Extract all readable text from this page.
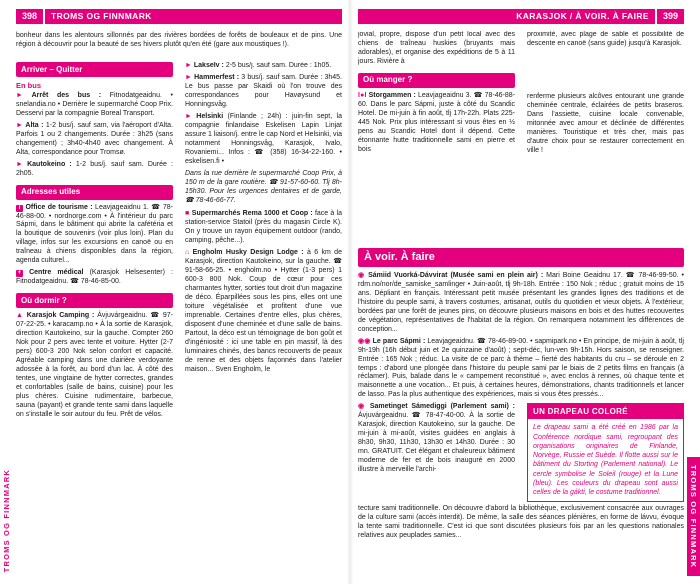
398	TROMS OG FINNMARK	KARASJOK / À VOIR. À FAIRE	399
TROMS OG FINNMARK	TROMS OG FINNMARK

bonheur dans les alentours sillonnés par des rivières bordées de forêts de bouleaux et de pins. Une région à découvrir pour la beauté de ses hivers plutôt qu'en été (gare aux moustiques !).

Arriver – Quitter
En bus

► Arrêt des bus : Fitnodatgeaidnu. • snelandia.no • Derrière le supermarché Coop Prix. Desservi par la compagnie Boreal Transport.

► Alta : 1-2 bus/j. sauf sam, via l'aéroport d'Alta. Parfois 1 ou 2 changements. Durée : 3h25 (sans changement) ; 3h40-4h40 avec changement. À Alta, correspondance pour Tromsø.

► Kautokeino : 1-2 bus/j. sauf sam. Durée : 2h05.

Adresses utiles

i Office de tourisme : Leavjageaidnu 1. ☎ 78-46-88-00. • nordnorge.com • À l'intérieur du parc Sápmi, dans le bâtiment qui abrite la cafétéria et la boutique de souvenirs (voir plus loin). Plan du village, infos sur les excursions en canoë ou en traîneau à chiens disponibles dans la région, agenda culturel...

+ Centre médical (Karasjok Helsesenter) : Fitnodatgeaidnu. ☎ 78-46-85-00.

Où dormir ?

▲ Karasjok Camping : Ávjuvárgeaidnu. ☎ 97-07-22-25. • karacamp.no • À la sortie de Karasjok, direction Kautokeino, sur la gauche. Compter 260 Nok pour 2 pers avec tente et voiture. Hytter (2-7 pers) 600-3 200 Nok selon confort et capacité. Agréable camping dans une clairière verdoyante adossée à la forêt, au bord d'un lac. À côté des tentes, une vingtaine de hytter correctes, grandes et confortables (salle de bains, cuisine) pour les plus chères. Cuisine rudimentaire, barbecue, sauna (payant) et grande tente sami dans laquelle on s'installe le soir autour du feu. Prêt de vélos.

► Lakselv : 2-5 bus/j. sauf sam. Durée : 1h05.

► Hammerfest : 3 bus/j. sauf sam. Durée : 3h45. Le bus passe par Skaidi où l'on trouve des correspondances pour Havøysund et Honningsvåg.

► Helsinki (Finlande ; 24h) : juin-fin sept, la compagnie finlandaise Eskelisen Lapin Linjat assure 1 liaison/j. entre le cap Nord et Helsinki, via notamment Honningsvåg, Karasjok, Ivalo, Rovaniemi... Infos : ☎ (358) 16-34-22-160. • eskelisen.fi •

Dans la rue derrière le supermarché Coop Prix, à 150 m de la gare routière. ☎ 91-57-60-60. Tlj 8h-15h30. Pour les urgences dentaires et de garde, ☎ 78-46-66-77.

■ Supermarchés Rema 1000 et Coop : face à la station-service Statoil (près du magasin Circle K). On y trouve un rayon équipement outdoor (rando, camping, pêche...).

⌂ Engholm Husky Design Lodge : à 6 km de Karasjok, direction Kautokeino, sur la gauche. ☎ 91-58-66-25. • engholm.no • Hytter (1-3 pers) 1 600-3 800 Nok. Coup de cœur pour ces charmantes hytter, sorties tout droit d'un magazine de déco. Éparpillées sous les pins, elles ont une toiture végétalisée et profitent d'une vue imprenable. Certaines d'entre elles, plus chères, disposent d'une cheminée et d'une salle de bains. Partout, la déco est un témoignage de bon goût et d'ingéniosité : ici une table en pin massif, là des luminaires chinés, des bancs recouverts de peaux de renne et des objets façonnés dans l'atelier maison... Sven Engholm, le

jovial, propre, dispose d'un petit local avec des chiens de traîneau huskies (bruyants mais adorables), et organise des expéditions de 5 à 11 jours. Rivière à

Où manger ?

I●I Storgammen : Leavjageaidnu 3. ☎ 78-46-88-60. Dans le parc Sápmi, juste à côté du Scandic Hotel. De mi-juin à fin août, tlj 17h-22h. Plats 225-445 Nok. Prix plus intéressant si vous êtes en ½ pens au Scandic Hotel dont il dépend. Cette étonnante hutte traditionnelle sami en pierre et bois

proximité, avec plage de sable et possibilité de descente en canoë (sans guide) jusqu'à Karasjok.

renferme plusieurs alcôves entourant une grande cheminée centrale, éclairées de petits braseros. Dans l'assiette, cuisine locale convenable, mitonnée avec amour et déclinée de différentes manières. Touristique et très cher, mais pas d'autre choix pour se restaurer correctement en ville !

À voir. À faire

◉ Sámiid Vuorká-Dávvirat (Musée sami en plein air) : Mari Boine Geaidnu 17. ☎ 78-46-99-50. • rdm.no/nor/de_samiske_samlinger • Juin-août, tlj 9h-18h. Entrée : 150 Nok ; réduc ; gratuit moins de 15 ans. Dépliant en français. Intéressant petit musée présentant les grandes lignes des traditions et de l'histoire du peuple sami, à travers costumes, artisanat, outils du quotidien et vieux objets. À l'extérieur, bordées par une forêt de jeunes pins, on découvre plusieurs maisons en bois et des huttes recouvertes de végétation, représentatives de l'habitat de la région. On remarquera notamment les différences de conception...

◉◉ Le parc Sápmi : Leavjageaidnu. ☎ 78-46-89-00. • sapmipark.no • En principe, de mi-juin à août, tlj 9h-19h (16h début juin et 2e quinzaine d'août) ; sept-déc, lun-ven 9h-15h. Hors saison, se renseigner. Entrée : 165 Nok ; réduc. La visite de ce parc à thème – fierté des habitants du cru – se déroule en 2 temps : d'abord une plongée dans l'histoire du peuple sami par le biais de 2 petits films en français (à réclamer). Puis, balade dans le « campement reconstitué », avec enclos à rennes, où chaque tente et maisonnette a une vocation... Et puis, à certaines heures, démonstrations, chants traditionnels et lancer de lasso. Pas la plus authentique des expériences, mais si vous êtes pressés...

◉ Sametinget Sámediggi (Parlement sami) : Ávjuvárgeaidnu. ☎ 78-47-40-00. À la sortie de Karasjok, direction Kautokeino, sur la gauche. De mi-juin à mi-août, visites guidées en anglais à 8h30, 9h30, 11h30, 13h30 et 14h30. Durée : 30 mn. GRATUIT. Cet élégant et chaleureux bâtiment moderne de fer et de bois inauguré en 2000 illustre à merveille l'archi-

UN DRAPEAU COLORÉ

Le drapeau sami a été créé en 1986 par la Conférence nordique sami, regroupant des organisations originaires de Finlande, Norvège, Russie et Suède. Il flotte aussi sur le bâtiment du Storting (Parlement national). Le cercle symbolise le Soleil (rouge) et la Lune (bleu). Les couleurs du drapeau sont aussi celles de la gákti, le costume traditionnel.

tecture sami traditionnelle. On découvre d'abord la bibliothèque, exclusivement consacrée aux ouvrages de la culture sami (accès interdit). De même, la salle des séances plénières, en forme de lávvu, évoque la tente sami traditionnelle. C'est ici que sont discutées plusieurs fois par an les questions nationales relatives aux peuplades samies...
